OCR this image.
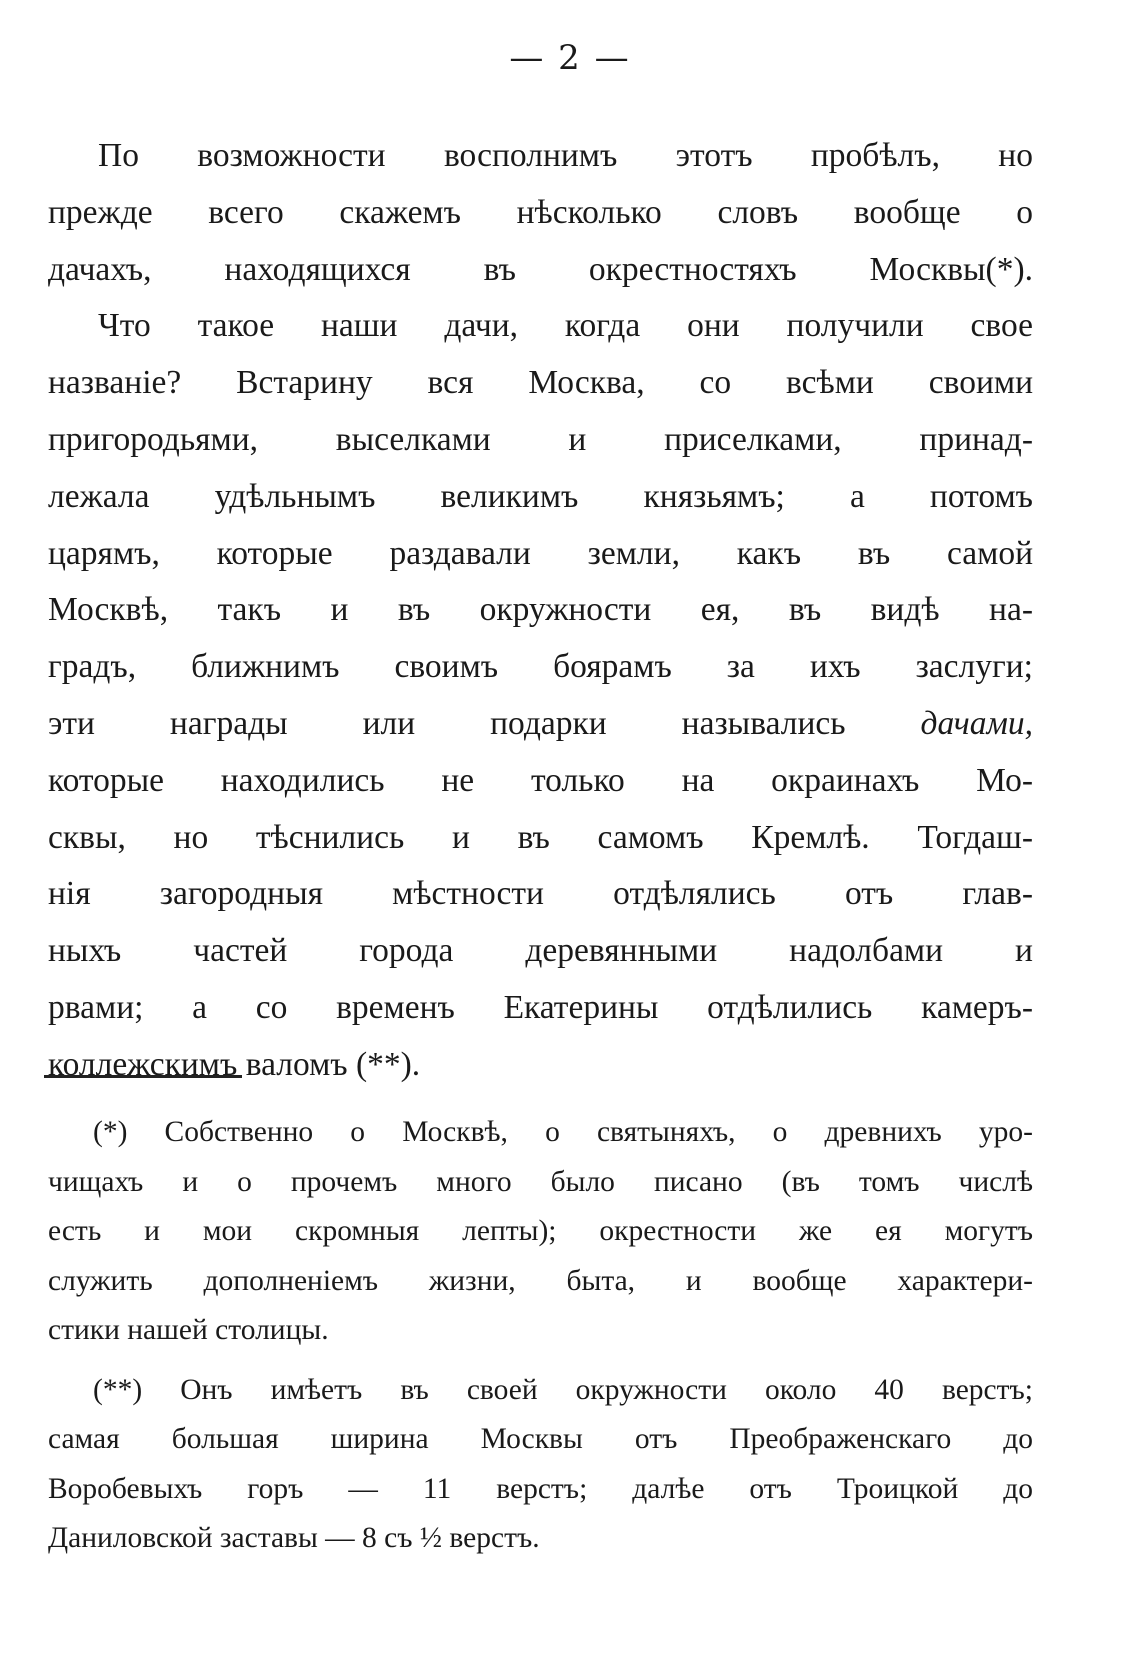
— 2 —

По возможности восполнимъ этотъ пробѣлъ, но
прежде всего скажемъ нѣсколько словъ вообще о
дачахъ, находящихся въ окрестностяхъ Москвы(*).

Что такое наши дачи, когда они получили свое
названіе? Встарину вся Москва, со всѣми своими
пригородьями, выселками и приселками, принад-
лежала удѣльнымъ великимъ князьямъ; а потомъ
царямъ, которые раздавали земли, какъ въ самой
Москвѣ, такъ и въ окружности ея, въ видѣ на-
градъ, ближнимъ своимъ боярамъ за ихъ заслуги;
эти награды или подарки назывались дачами,
которые находились не только на окраинахъ Мо-
сквы, но тѣснились и въ самомъ Кремлѣ. Тогдаш-
нія загородныя мѣстности отдѣлялись отъ глав-
ныхъ частей города деревянными надолбами и
рвами; а со временъ Екатерины отдѣлились камеръ-
коллежскимъ валомъ (**).

(*) Собственно о Москвѣ, о святыняхъ, о древнихъ уро-
чищахъ и о прочемъ много было писано (въ томъ числѣ
есть и мои скромныя лепты); окрестности же ея могутъ
служить дополненіемъ жизни, быта, и вообще характери-
стики нашей столицы.

(**) Онъ имѣетъ въ своей окружности около 40 верстъ;
самая большая ширина Москвы отъ Преображенскаго до
Воробевыхъ горъ — 11 верстъ; далѣе отъ Троицкой до
Даниловской заставы — 8 съ ½ верстъ.
